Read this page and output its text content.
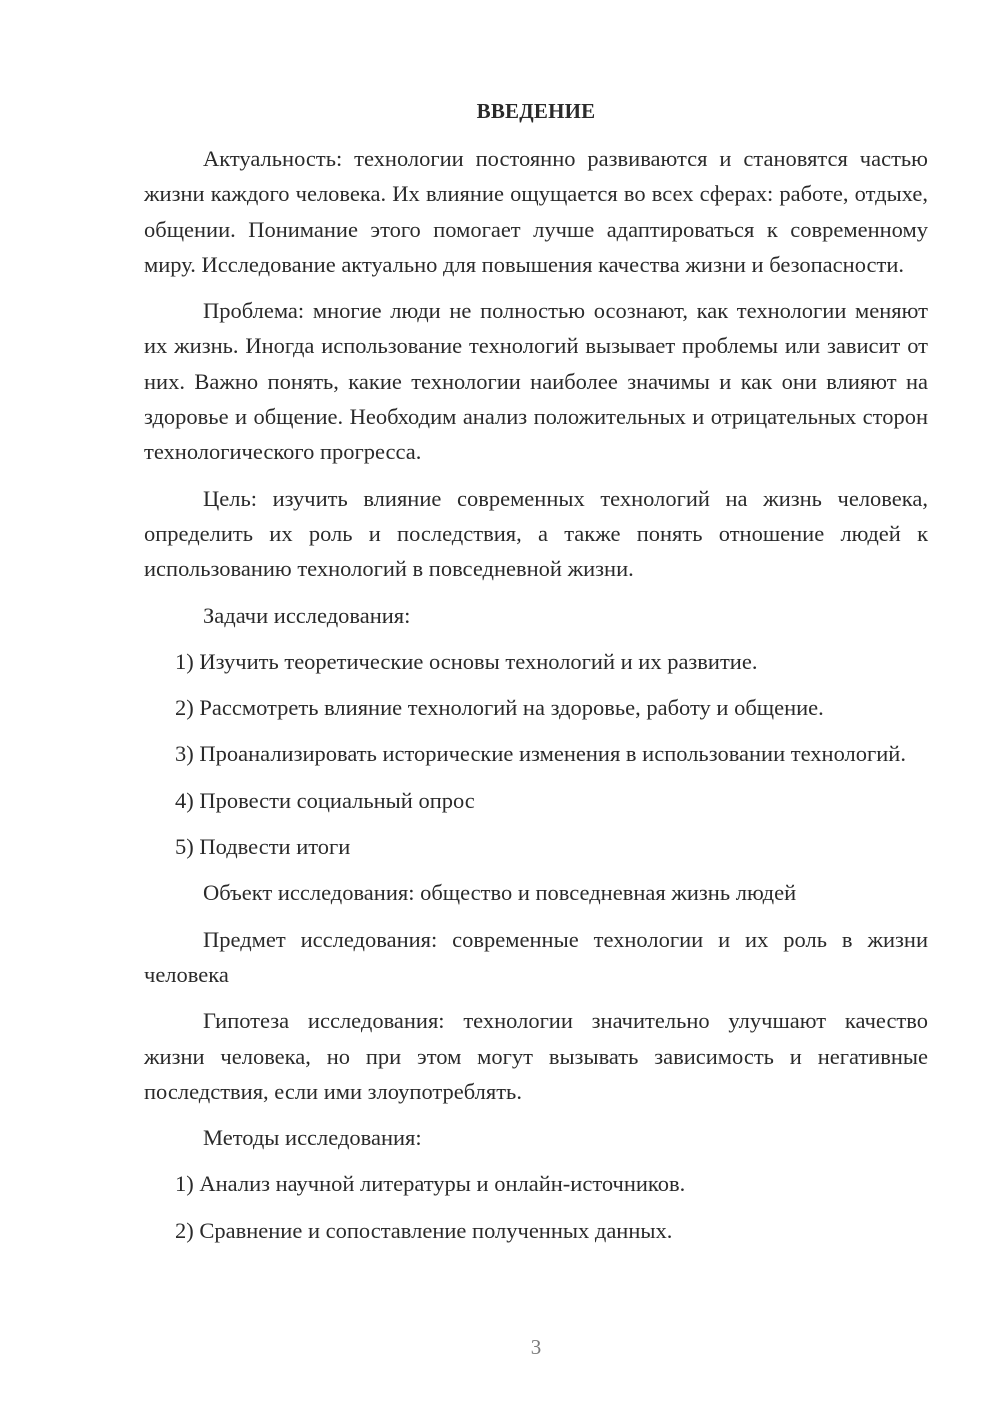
ВВЕДЕНИЕ

Актуальность: технологии постоянно развиваются и становятся частью жизни каждого человека. Их влияние ощущается во всех сферах: работе, отдыхе, общении. Понимание этого помогает лучше адаптироваться к современному миру. Исследование актуально для повышения качества жизни и безопасности.

Проблема: многие люди не полностью осознают, как технологии меняют их жизнь. Иногда использование технологий вызывает проблемы или зависит от них. Важно понять, какие технологии наиболее значимы и как они влияют на здоровье и общение. Необходим анализ положительных и отрицательных сторон технологического прогресса.

Цель: изучить влияние современных технологий на жизнь человека, определить их роль и последствия, а также понять отношение людей к использованию технологий в повседневной жизни.

Задачи исследования:

1) Изучить теоретические основы технологий и их развитие.

2) Рассмотреть влияние технологий на здоровье, работу и общение.

3) Проанализировать исторические изменения в использовании технологий.

4) Провести социальный опрос

5) Подвести итоги

Объект исследования: общество и повседневная жизнь людей

Предмет исследования: современные технологии и их роль в жизни человека

Гипотеза исследования: технологии значительно улучшают качество жизни человека, но при этом могут вызывать зависимость и негативные последствия, если ими злоупотреблять.

Методы исследования:

1) Анализ научной литературы и онлайн-источников.

2) Сравнение и сопоставление полученных данных.

3
